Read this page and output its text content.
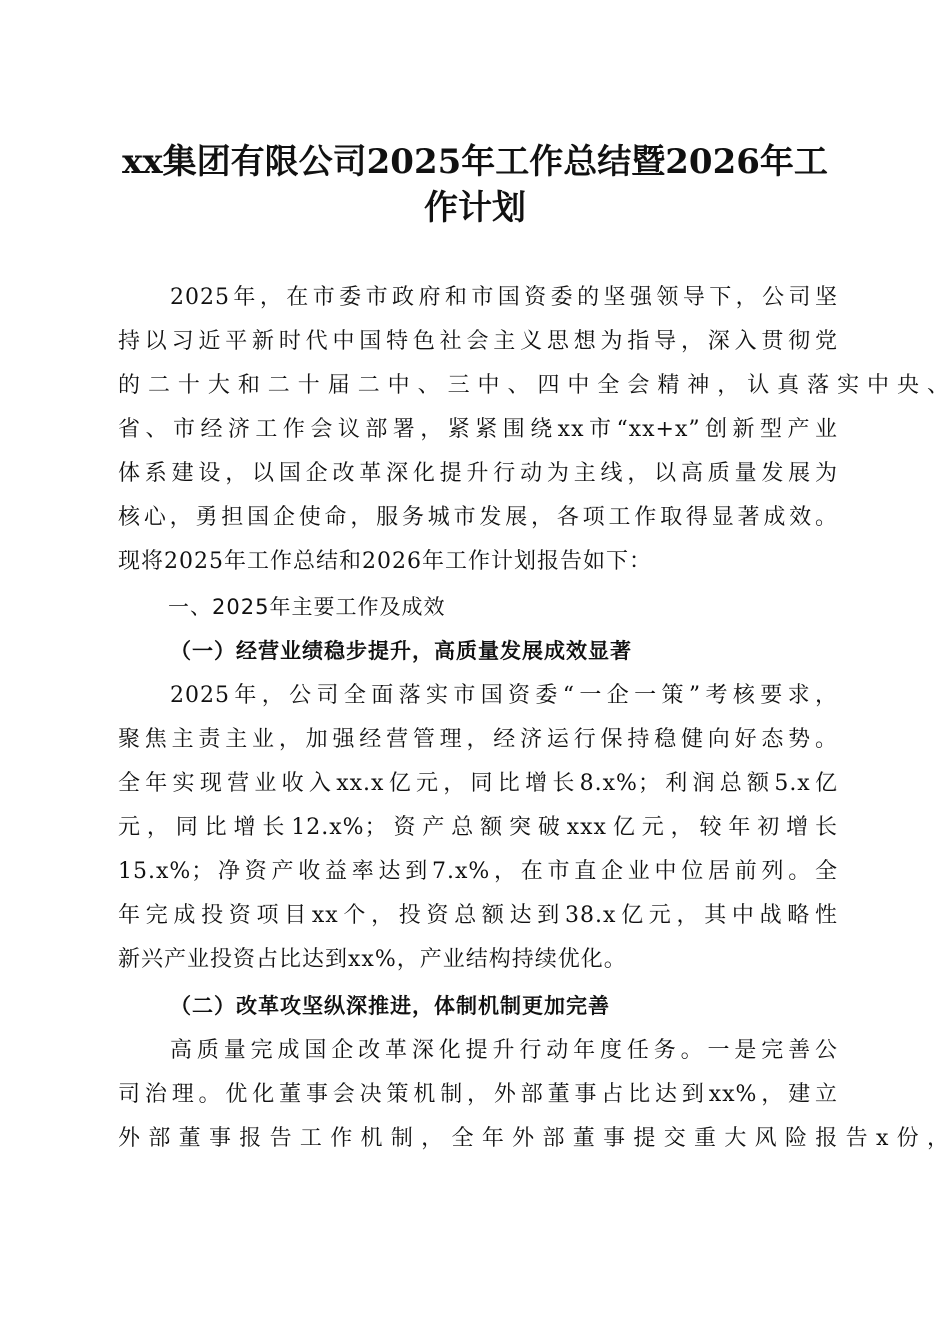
xx集团有限公司2025年工作总结暨2026年工
作计划
2025年，在市委市政府和市国资委的坚强领导下，公司坚
持以习近平新时代中国特色社会主义思想为指导，深入贯彻党
的二十大和二十届二中、三中、四中全会精神，认真落实中央、
省、市经济工作会议部署，紧紧围绕xx市“xx+x”创新型产业
体系建设，以国企改革深化提升行动为主线，以高质量发展为
核心，勇担国企使命，服务城市发展，各项工作取得显著成效。
现将2025年工作总结和2026年工作计划报告如下：
一、2025年主要工作及成效
（一）经营业绩稳步提升，高质量发展成效显著
2025年，公司全面落实市国资委“一企一策”考核要求，
聚焦主责主业，加强经营管理，经济运行保持稳健向好态势。
全年实现营业收入xx.x亿元，同比增长8.x%；利润总额5.x亿
元，同比增长12.x%；资产总额突破xxx亿元，较年初增长
15.x%；净资产收益率达到7.x%，在市直企业中位居前列。全
年完成投资项目xx个，投资总额达到38.x亿元，其中战略性
新兴产业投资占比达到xx%，产业结构持续优化。
（二）改革攻坚纵深推进，体制机制更加完善
高质量完成国企改革深化提升行动年度任务。一是完善公
司治理。优化董事会决策机制，外部董事占比达到xx%，建立
外部董事报告工作机制，全年外部董事提交重大风险报告x份，
